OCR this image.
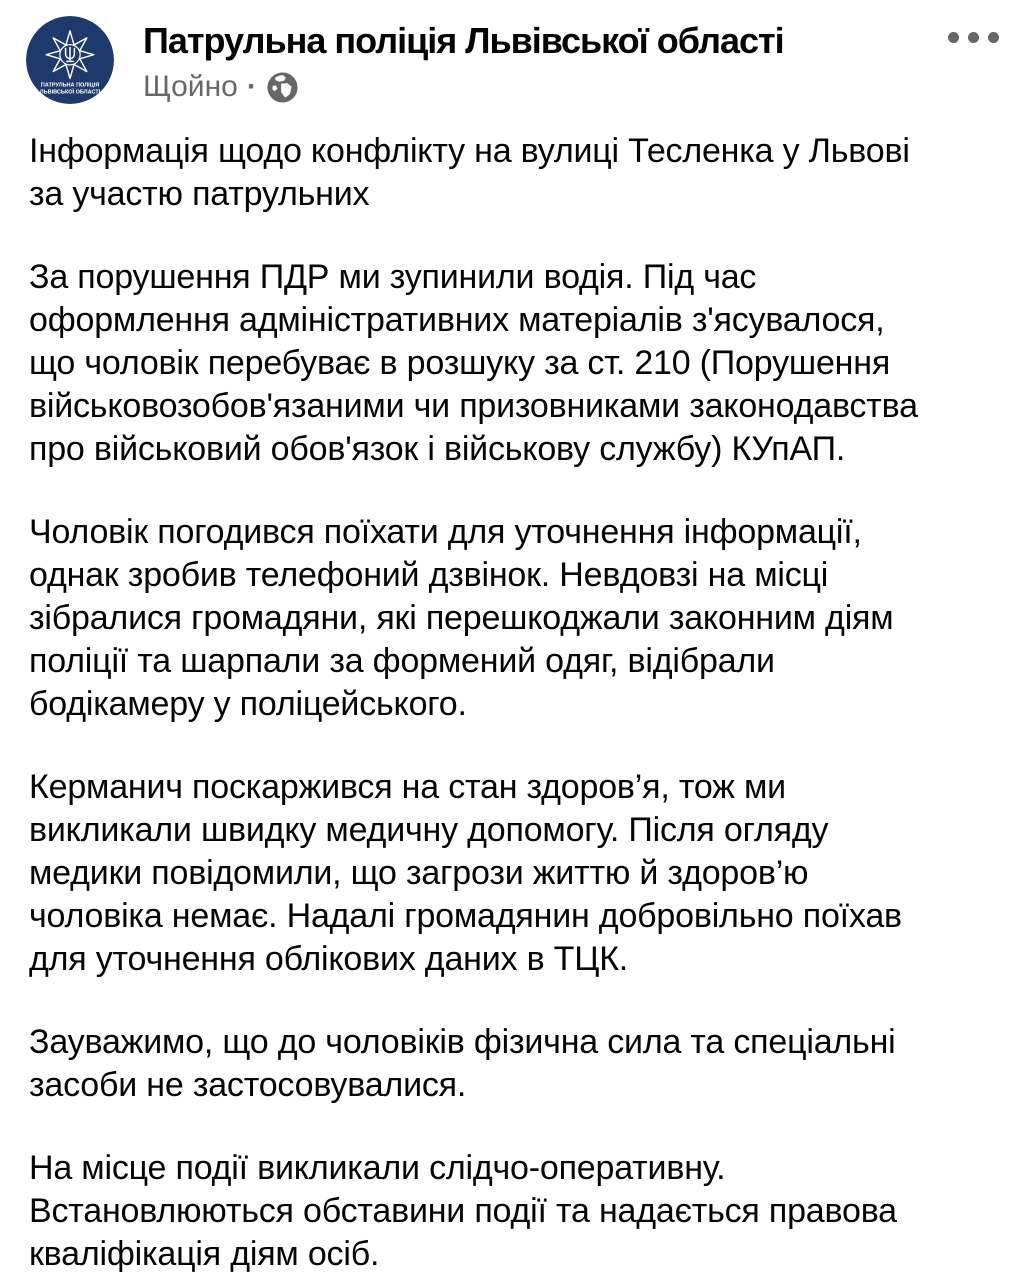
ПАТРУЛЬНА ПОЛІЦІЯ
ЛЬВІВСЬКОЇ ОБЛАСТІ
Патрульна поліція Львівської області
Щойно ·
Інформація щодо конфлікту на вулиці Тесленка у Львові
за участю патрульних
За порушення ПДР ми зупинили водія. Під час
оформлення адміністративних матеріалів з'ясувалося,
що чоловік перебуває в розшуку за ст. 210 (Порушення
військовозобов'язаними чи призовниками законодавства
про військовий обов'язок і військову службу) КУпАП.
Чоловік погодився поїхати для уточнення інформації,
однак зробив телефоний дзвінок. Невдовзі на місці
зібралися громадяни, які перешкоджали законним діям
поліції та шарпали за формений одяг, відібрали
бодікамеру у поліцейського.
Керманич поскаржився на стан здоров’я, тож ми
викликали швидку медичну допомогу. Після огляду
медики повідомили, що загрози життю й здоров’ю
чоловіка немає. Надалі громадянин добровільно поїхав
для уточнення облікових даних в ТЦК.
Зауважимо, що до чоловіків фізична сила та спеціальні
засоби не застосовувалися.
На місце події викликали слідчо-оперативну.
Встановлюються обставини події та надається правова
кваліфікація діям осіб.
